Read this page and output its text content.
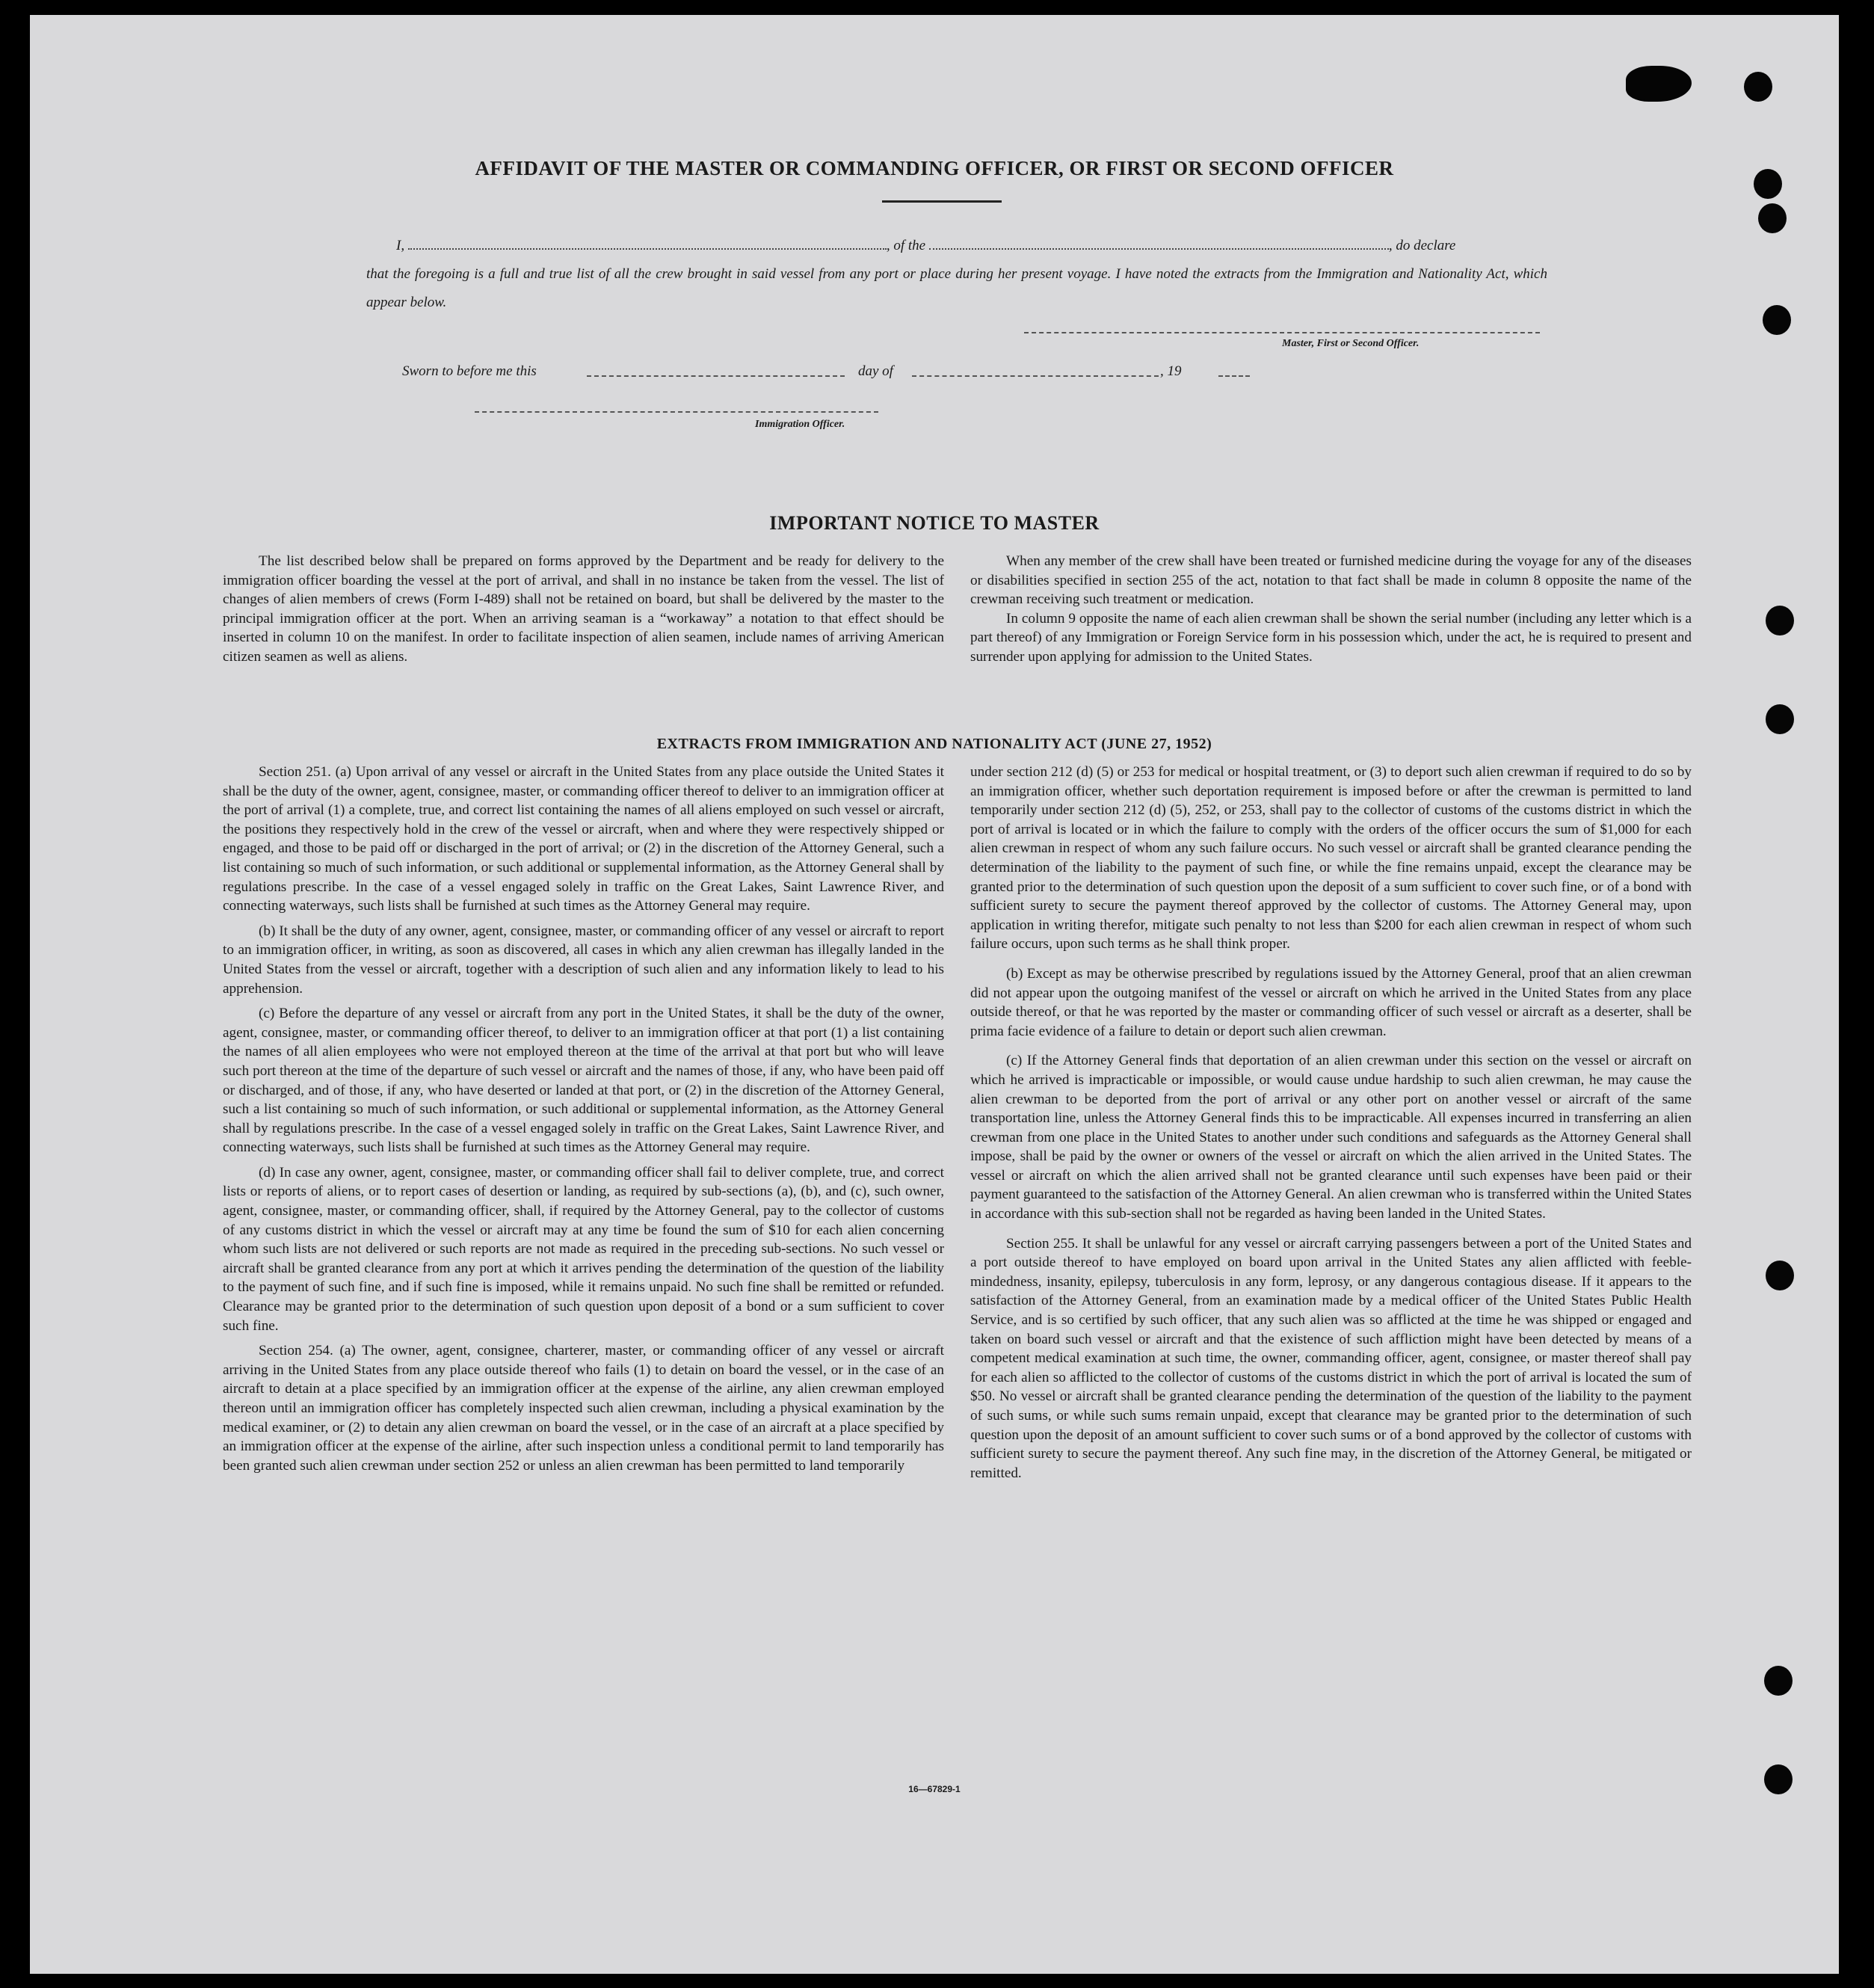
AFFIDAVIT OF THE MASTER OR COMMANDING OFFICER, OR FIRST OR SECOND OFFICER
I,	, of the	, do declare
that the foregoing is a full and true list of all the crew brought in said vessel from any port or place during her present voyage. I have noted the extracts from the Immigration and Nationality Act, which appear below.
Master, First or Second Officer.
Sworn to before me this	day of	, 19
Immigration Officer.
IMPORTANT NOTICE TO MASTER

The list described below shall be prepared on forms approved by the Department and be ready for delivery to the immigration officer boarding the vessel at the port of arrival, and shall in no instance be taken from the vessel. The list of changes of alien members of crews (Form I-489) shall not be retained on board, but shall be delivered by the master to the principal immigration officer at the port. When an arriving seaman is a “workaway” a notation to that effect should be inserted in column 10 on the manifest. In order to facilitate inspection of alien seamen, include names of arriving American citizen seamen as well as aliens.

When any member of the crew shall have been treated or furnished medicine during the voyage for any of the diseases or disabilities specified in section 255 of the act, notation to that fact shall be made in column 8 opposite the name of the crewman receiving such treatment or medication.

In column 9 opposite the name of each alien crewman shall be shown the serial number (including any letter which is a part thereof) of any Immigration or Foreign Service form in his possession which, under the act, he is required to present and surrender upon applying for admission to the United States.

EXTRACTS FROM IMMIGRATION AND NATIONALITY ACT (JUNE 27, 1952)

Section 251. (a) Upon arrival of any vessel or aircraft in the United States from any place outside the United States it shall be the duty of the owner, agent, consignee, master, or commanding officer thereof to deliver to an immigration officer at the port of arrival (1) a complete, true, and correct list containing the names of all aliens employed on such vessel or aircraft, the positions they respectively hold in the crew of the vessel or aircraft, when and where they were respectively shipped or engaged, and those to be paid off or discharged in the port of arrival; or (2) in the discretion of the Attorney General, such a list containing so much of such information, or such additional or supplemental information, as the Attorney General shall by regulations prescribe. In the case of a vessel engaged solely in traffic on the Great Lakes, Saint Lawrence River, and connecting waterways, such lists shall be furnished at such times as the Attorney General may require.

(b) It shall be the duty of any owner, agent, consignee, master, or commanding officer of any vessel or aircraft to report to an immigration officer, in writing, as soon as discovered, all cases in which any alien crewman has illegally landed in the United States from the vessel or aircraft, together with a description of such alien and any information likely to lead to his apprehension.

(c) Before the departure of any vessel or aircraft from any port in the United States, it shall be the duty of the owner, agent, consignee, master, or commanding officer thereof, to deliver to an immigration officer at that port (1) a list containing the names of all alien employees who were not employed thereon at the time of the arrival at that port but who will leave such port thereon at the time of the departure of such vessel or aircraft and the names of those, if any, who have been paid off or discharged, and of those, if any, who have deserted or landed at that port, or (2) in the discretion of the Attorney General, such a list containing so much of such information, or such additional or supplemental information, as the Attorney General shall by regulations prescribe. In the case of a vessel engaged solely in traffic on the Great Lakes, Saint Lawrence River, and connecting waterways, such lists shall be furnished at such times as the Attorney General may require.

(d) In case any owner, agent, consignee, master, or commanding officer shall fail to deliver complete, true, and correct lists or reports of aliens, or to report cases of desertion or landing, as required by sub-sections (a), (b), and (c), such owner, agent, consignee, master, or commanding officer, shall, if required by the Attorney General, pay to the collector of customs of any customs district in which the vessel or aircraft may at any time be found the sum of $10 for each alien concerning whom such lists are not delivered or such reports are not made as required in the preceding sub-sections. No such vessel or aircraft shall be granted clearance from any port at which it arrives pending the determination of the question of the liability to the payment of such fine, and if such fine is imposed, while it remains unpaid. No such fine shall be remitted or refunded. Clearance may be granted prior to the determination of such question upon deposit of a bond or a sum sufficient to cover such fine.

Section 254. (a) The owner, agent, consignee, charterer, master, or commanding officer of any vessel or aircraft arriving in the United States from any place outside thereof who fails (1) to detain on board the vessel, or in the case of an aircraft to detain at a place specified by an immigration officer at the expense of the airline, any alien crewman employed thereon until an immigration officer has completely inspected such alien crewman, including a physical examination by the medical examiner, or (2) to detain any alien crewman on board the vessel, or in the case of an aircraft at a place specified by an immigration officer at the expense of the airline, after such inspection unless a conditional permit to land temporarily has been granted such alien crewman under section 252 or unless an alien crewman has been permitted to land temporarily

under section 212 (d) (5) or 253 for medical or hospital treatment, or (3) to deport such alien crewman if required to do so by an immigration officer, whether such deportation requirement is imposed before or after the crewman is permitted to land temporarily under section 212 (d) (5), 252, or 253, shall pay to the collector of customs of the customs district in which the port of arrival is located or in which the failure to comply with the orders of the officer occurs the sum of $1,000 for each alien crewman in respect of whom any such failure occurs. No such vessel or aircraft shall be granted clearance pending the determination of the liability to the payment of such fine, or while the fine remains unpaid, except the clearance may be granted prior to the determination of such question upon the deposit of a sum sufficient to cover such fine, or of a bond with sufficient surety to secure the payment thereof approved by the collector of customs. The Attorney General may, upon application in writing therefor, mitigate such penalty to not less than $200 for each alien crewman in respect of whom such failure occurs, upon such terms as he shall think proper.

(b) Except as may be otherwise prescribed by regulations issued by the Attorney General, proof that an alien crewman did not appear upon the outgoing manifest of the vessel or aircraft on which he arrived in the United States from any place outside thereof, or that he was reported by the master or commanding officer of such vessel or aircraft as a deserter, shall be prima facie evidence of a failure to detain or deport such alien crewman.

(c) If the Attorney General finds that deportation of an alien crewman under this section on the vessel or aircraft on which he arrived is impracticable or impossible, or would cause undue hardship to such alien crewman, he may cause the alien crewman to be deported from the port of arrival or any other port on another vessel or aircraft of the same transportation line, unless the Attorney General finds this to be impracticable. All expenses incurred in transferring an alien crewman from one place in the United States to another under such conditions and safeguards as the Attorney General shall impose, shall be paid by the owner or owners of the vessel or aircraft on which the alien arrived in the United States. The vessel or aircraft on which the alien arrived shall not be granted clearance until such expenses have been paid or their payment guaranteed to the satisfaction of the Attorney General. An alien crewman who is transferred within the United States in accordance with this sub-section shall not be regarded as having been landed in the United States.

Section 255. It shall be unlawful for any vessel or aircraft carrying passengers between a port of the United States and a port outside thereof to have employed on board upon arrival in the United States any alien afflicted with feeble-mindedness, insanity, epilepsy, tuberculosis in any form, leprosy, or any dangerous contagious disease. If it appears to the satisfaction of the Attorney General, from an examination made by a medical officer of the United States Public Health Service, and is so certified by such officer, that any such alien was so afflicted at the time he was shipped or engaged and taken on board such vessel or aircraft and that the existence of such affliction might have been detected by means of a competent medical examination at such time, the owner, commanding officer, agent, consignee, or master thereof shall pay for each alien so afflicted to the collector of customs of the customs district in which the port of arrival is located the sum of $50. No vessel or aircraft shall be granted clearance pending the determination of the question of the liability to the payment of such sums, or while such sums remain unpaid, except that clearance may be granted prior to the determination of such question upon the deposit of an amount sufficient to cover such sums or of a bond approved by the collector of customs with sufficient surety to secure the payment thereof. Any such fine may, in the discretion of the Attorney General, be mitigated or remitted.

16—67829-1
